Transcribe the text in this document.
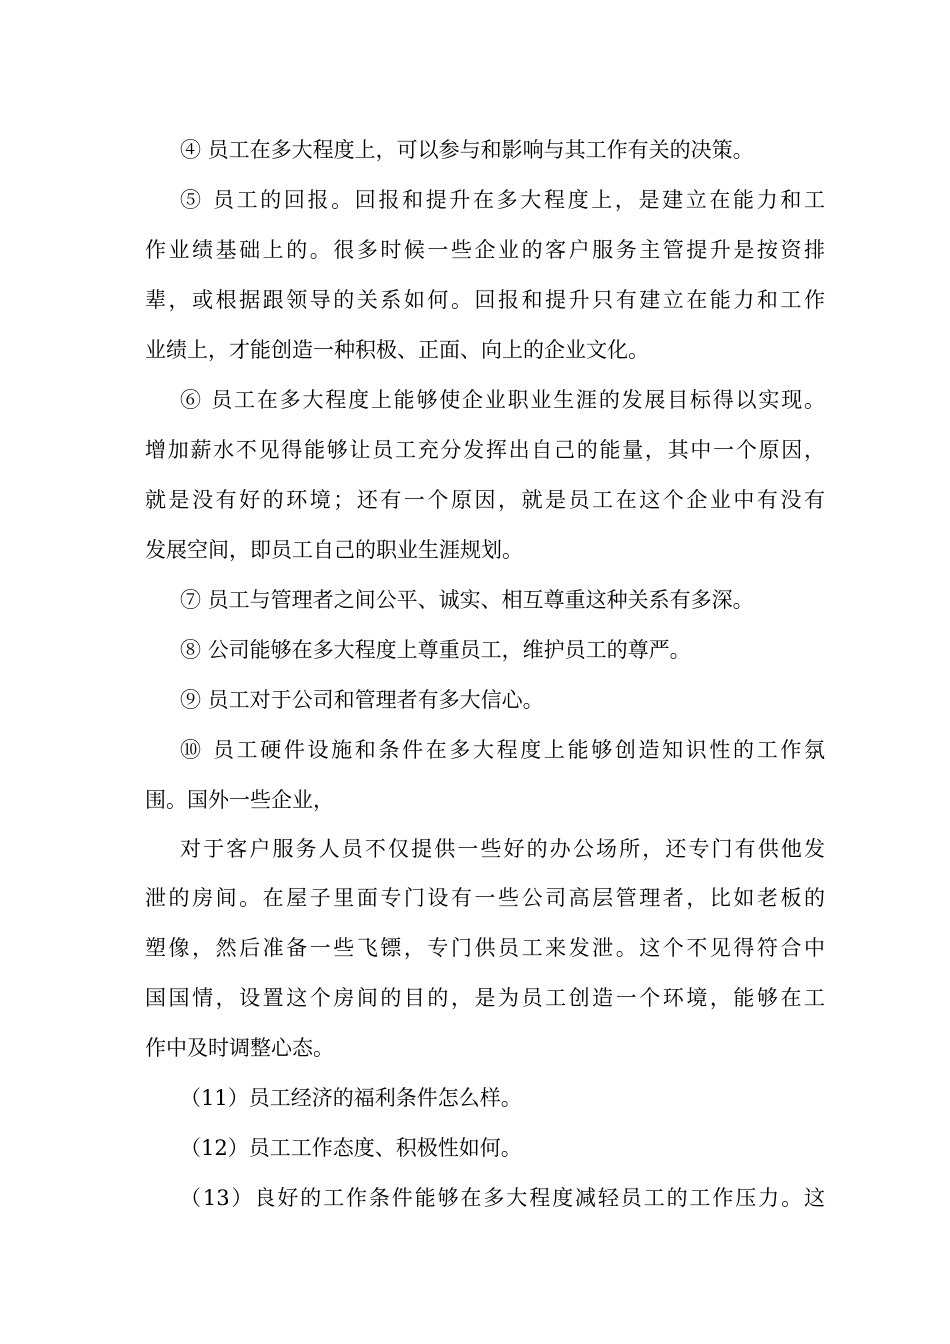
④ 员工在多大程度上，可以参与和影响与其工作有关的决策。
⑤ 员工的回报。回报和提升在多大程度上，是建立在能力和工
作业绩基础上的。很多时候一些企业的客户服务主管提升是按资排
辈，或根据跟领导的关系如何。回报和提升只有建立在能力和工作
业绩上，才能创造一种积极、正面、向上的企业文化。
⑥ 员工在多大程度上能够使企业职业生涯的发展目标得以实现。
增加薪水不见得能够让员工充分发挥出自己的能量，其中一个原因，
就是没有好的环境；还有一个原因，就是员工在这个企业中有没有
发展空间，即员工自己的职业生涯规划。
⑦ 员工与管理者之间公平、诚实、相互尊重这种关系有多深。
⑧ 公司能够在多大程度上尊重员工，维护员工的尊严。
⑨ 员工对于公司和管理者有多大信心。
⑩ 员工硬件设施和条件在多大程度上能够创造知识性的工作氛
围。国外一些企业，
对于客户服务人员不仅提供一些好的办公场所，还专门有供他发
泄的房间。在屋子里面专门设有一些公司高层管理者，比如老板的
塑像，然后准备一些飞镖，专门供员工来发泄。这个不见得符合中
国国情，设置这个房间的目的，是为员工创造一个环境，能够在工
作中及时调整心态。
（11）员工经济的福利条件怎么样。
（12）员工工作态度、积极性如何。
（13）良好的工作条件能够在多大程度减轻员工的工作压力。这
